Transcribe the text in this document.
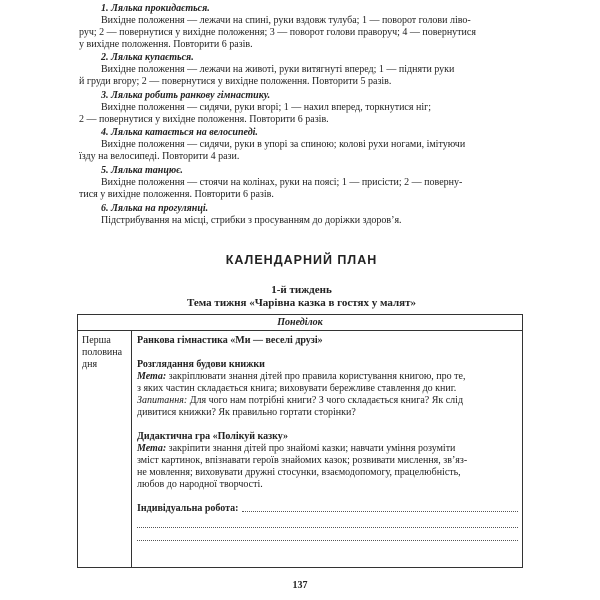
1. Лялька прокидається.
Вихідне положення — лежачи на спині, руки вздовж тулуба; 1 — поворот голови ліво-
руч; 2 — повернутися у вихідне положення; 3 — поворот голови праворуч; 4 — повернутися
у вихідне положення. Повторити 6 разів.
2. Лялька купається.
Вихідне положення — лежачи на животі, руки витягнуті вперед; 1 — підняти руки
й груди вгору; 2 — повернутися у вихідне положення. Повторити 5 разів.
3. Лялька робить ранкову гімнастику.
Вихідне положення — сидячи, руки вгорі; 1 — нахил вперед, торкнутися ніг;
2 — повернутися у вихідне положення. Повторити 6 разів.
4. Лялька катається на велосипеді.
Вихідне положення — сидячи, руки в упорі за спиною; колові рухи ногами, імітуючи
їзду на велосипеді. Повторити 4 рази.
5. Лялька танцює.
Вихідне положення — стоячи на колінах, руки на поясі; 1 — присісти; 2 — поверну-
тися у вихідне положення. Повторити 6 разів.
6. Лялька на прогулянці.
Підстрибування на місці, стрибки з просуванням до доріжки здоров’я.
КАЛЕНДАРНИЙ ПЛАН
1-й тиждень
Тема тижня «Чарівна казка в гостях у малят»
Понеділок
Перша
половина
дня
Ранкова гімнастика «Ми — веселі друзі»
Розглядання будови книжки
Мета: закріплювати знання дітей про правила користування книгою, про те,
з яких частин складається книга; виховувати бережливе ставлення до книг.
Запитання: Для чого нам потрібні книги? З чого складається книга? Як слід
дивитися книжки? Як правильно гортати сторінки?
Дидактична гра «Полікуй казку»
Мета: закріпити знання дітей про знайомі казки; навчати уміння розуміти
зміст картинок, впізнавати героїв знайомих казок; розвивати мислення, зв’яз-
не мовлення; виховувати дружні стосунки, взаємодопомогу, працелюбність,
любов до народної творчості.
Індивідуальна робота:
137
